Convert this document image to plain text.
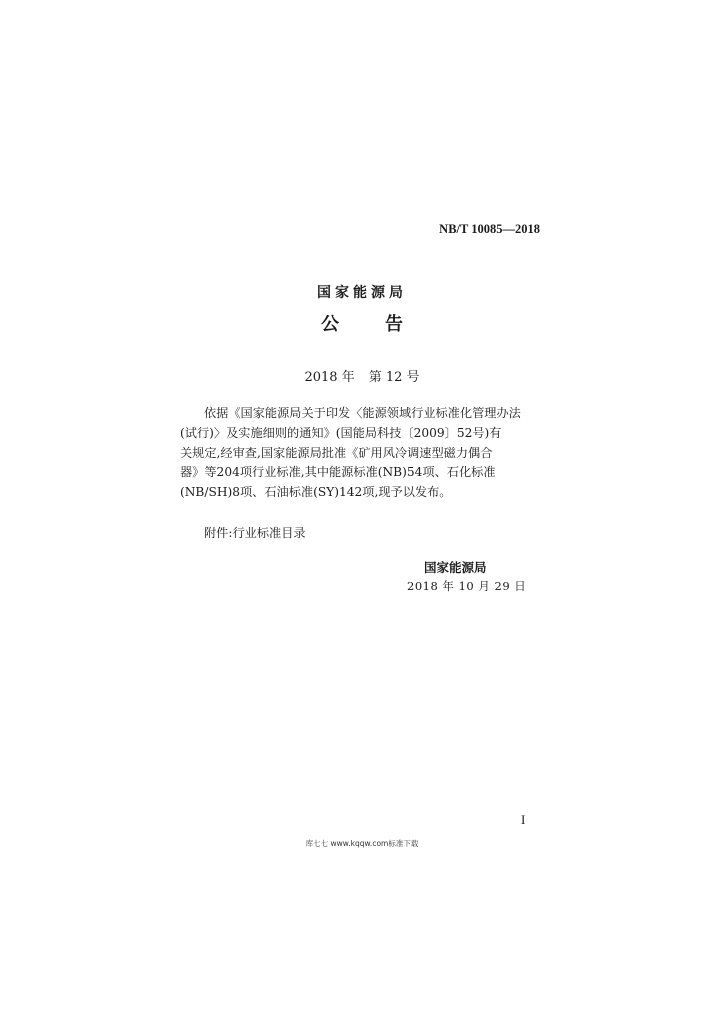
NB/T 10085—2018
国家能源局
公	告
2018 年 第 12 号
依据《国家能源局关于印发〈能源领域行业标准化管理办法
(试行)〉及实施细则的通知》(国能局科技〔2009〕52号)有
关规定,经审查,国家能源局批准《矿用风冷调速型磁力偶合
器》等204项行业标准,其中能源标准(NB)54项、石化标准
(NB/SH)8项、石油标准(SY)142项,现予以发布。
附件:行业标准目录
国家能源局
2018 年 10 月 29 日
I
库七七 www.kqqw.com标准下载
